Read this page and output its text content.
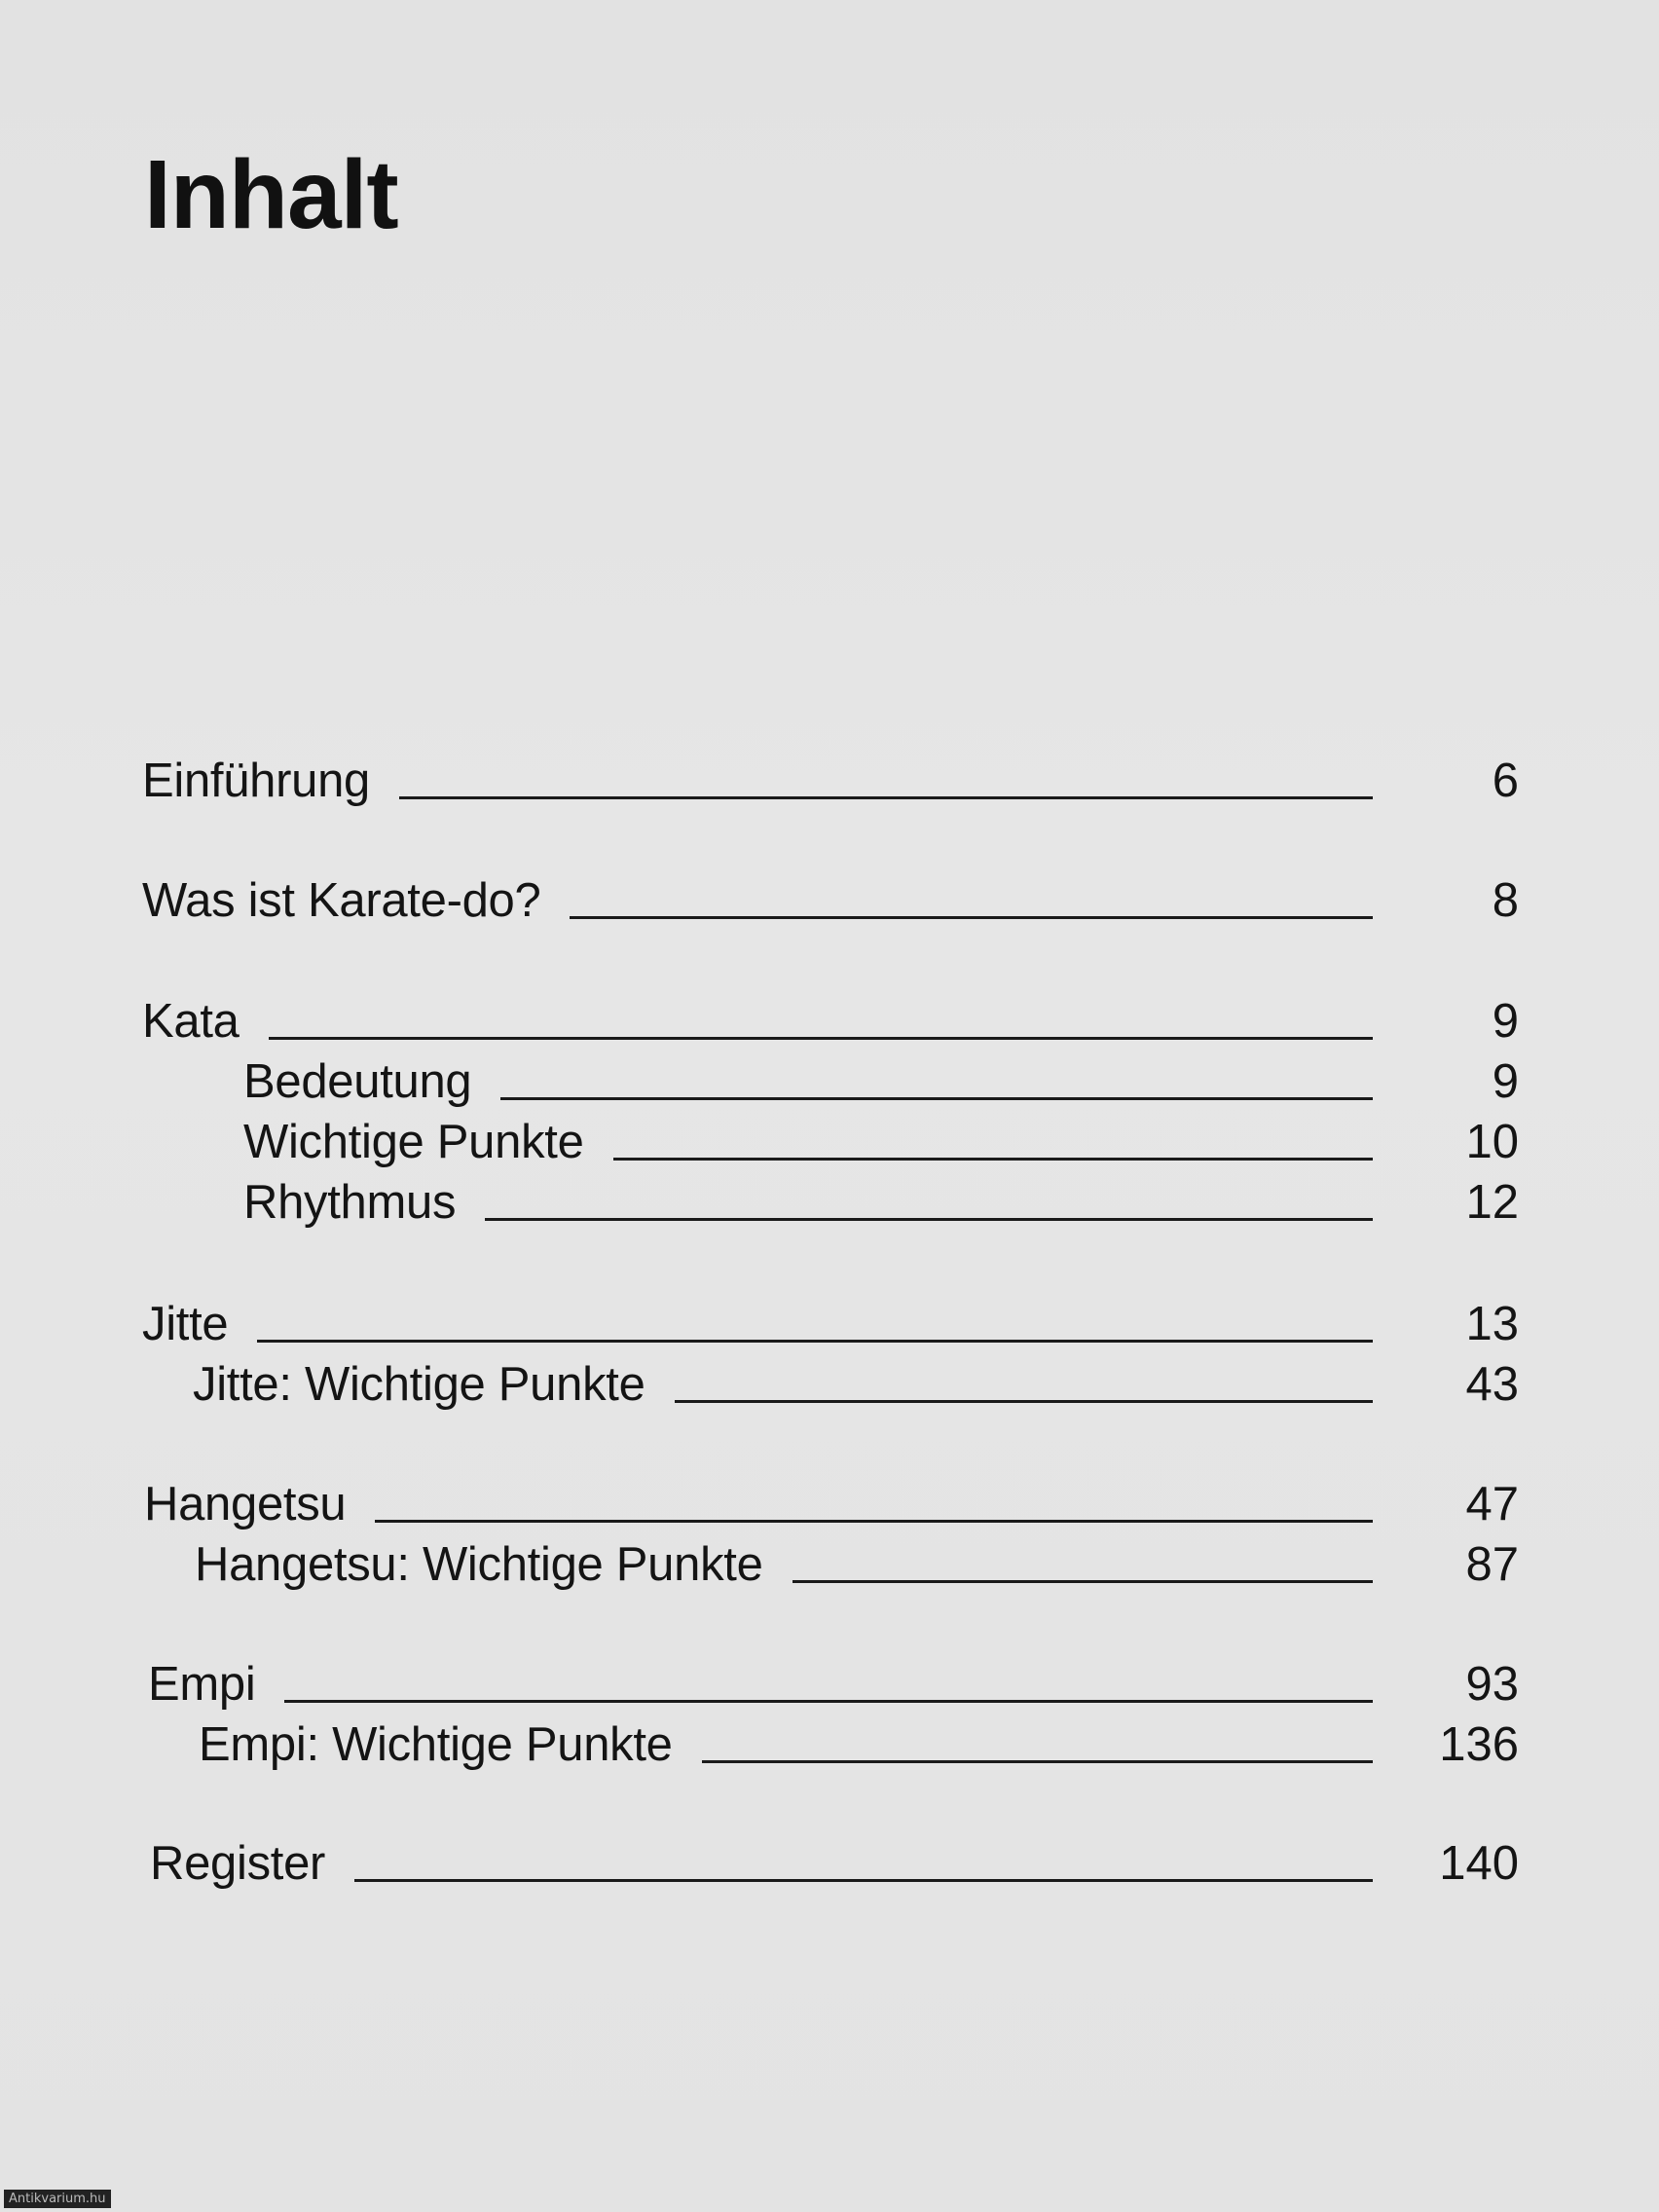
Inhalt
Einführung	6
Was ist Karate-do?	8
Kata	9
Bedeutung	9
Wichtige Punkte	10
Rhythmus	12
Jitte	13
Jitte: Wichtige Punkte	43
Hangetsu	47
Hangetsu: Wichtige Punkte	87
Empi	93
Empi: Wichtige Punkte	136
Register	140
Antikvarium.hu
